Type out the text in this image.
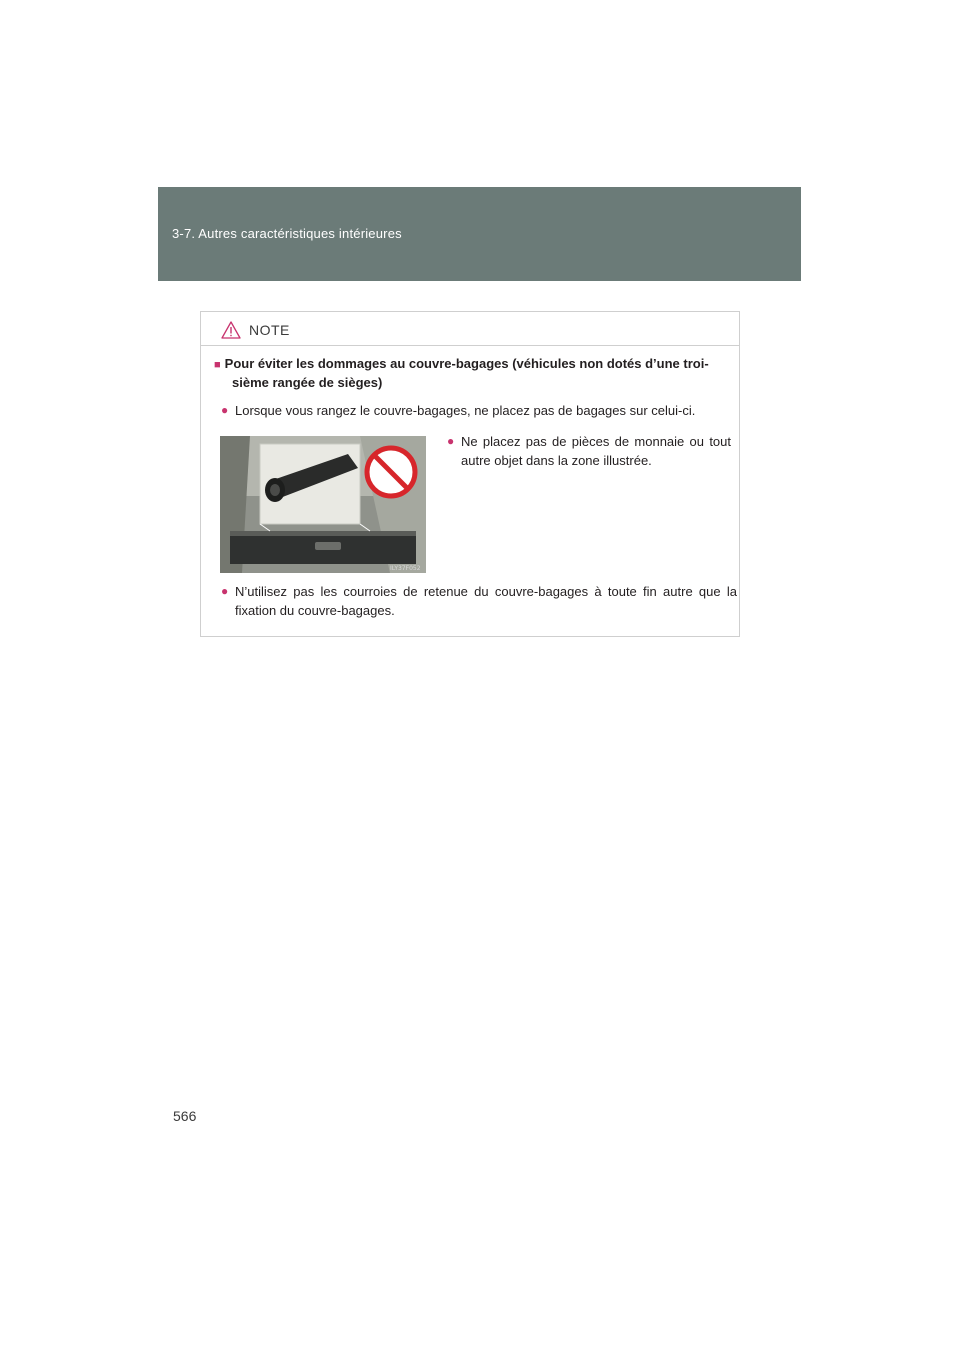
3-7. Autres caractéristiques intérieures
NOTE
■ Pour éviter les dommages au couvre-bagages (véhicules non dotés d’une troi-
sième rangée de sièges)
● Lorsque vous rangez le couvre-bagages, ne placez pas de bagages sur celui-ci.
ILY37F052
● Ne placez pas de pièces de monnaie ou tout autre objet dans la zone illustrée.
● N’utilisez pas les courroies de retenue du couvre-bagages à toute fin autre que la fixation du couvre-bagages.
566
